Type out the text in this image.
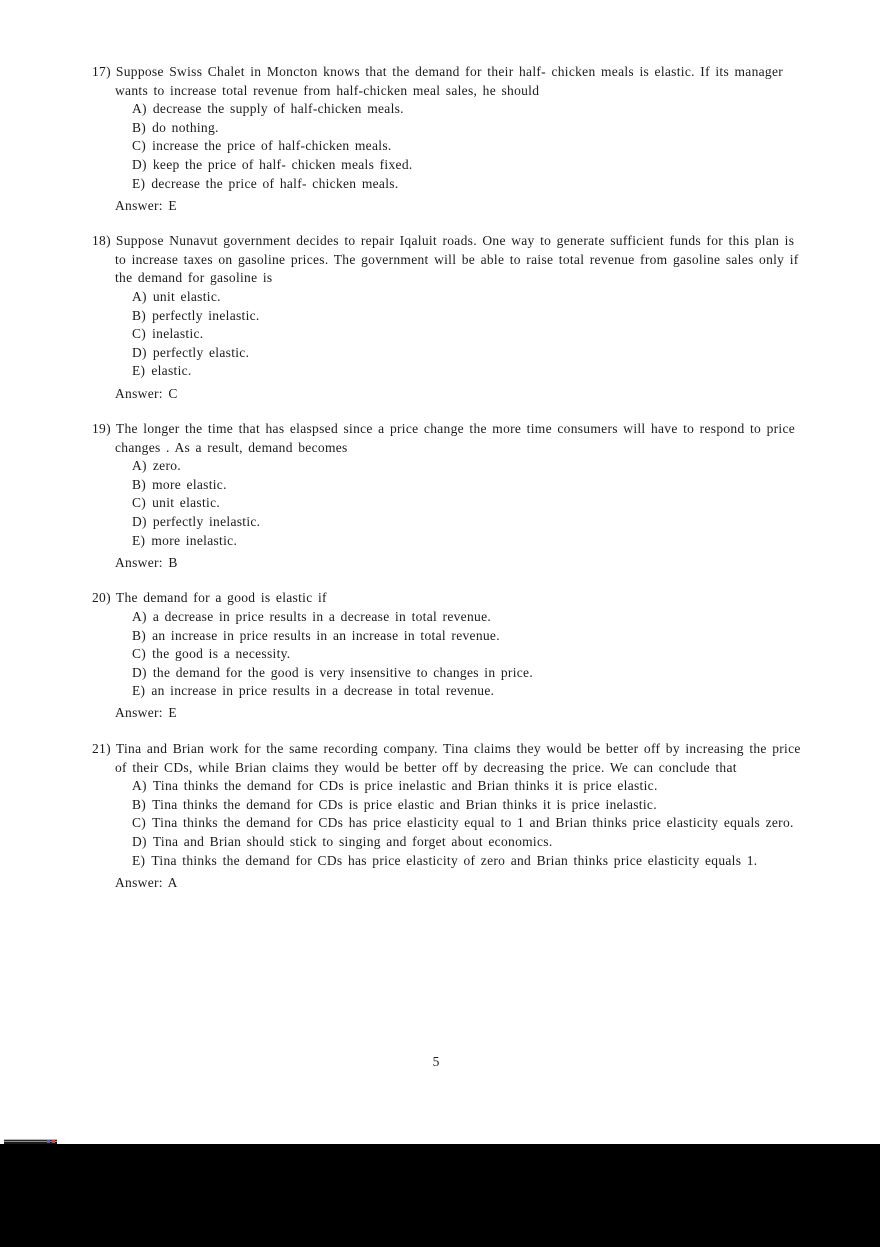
17) Suppose Swiss Chalet in Moncton knows that the demand for their half- chicken meals is elastic. If its manager wants to increase total revenue from half-chicken meal sales, he should
A) decrease the supply of half-chicken meals.
B) do nothing.
C) increase the price of half-chicken meals.
D) keep the price of half- chicken meals fixed.
E) decrease the price of half- chicken meals.
Answer: E
18) Suppose Nunavut government decides to repair Iqaluit roads. One way to generate sufficient funds for this plan is to increase taxes on gasoline prices. The government will be able to raise total revenue from gasoline sales only if the demand for gasoline is
A) unit elastic.
B) perfectly inelastic.
C) inelastic.
D) perfectly elastic.
E) elastic.
Answer: C
19) The longer the time that has elaspsed since a price change the more time consumers will have to respond to price changes . As a result, demand becomes
A) zero.
B) more elastic.
C) unit elastic.
D) perfectly inelastic.
E) more inelastic.
Answer: B
20) The demand for a good is elastic if
A) a decrease in price results in a decrease in total revenue.
B) an increase in price results in an increase in total revenue.
C) the good is a necessity.
D) the demand for the good is very insensitive to changes in price.
E) an increase in price results in a decrease in total revenue.
Answer: E
21) Tina and Brian work for the same recording company. Tina claims they would be better off by increasing the price of their CDs, while Brian claims they would be better off by decreasing the price. We can conclude that
A) Tina thinks the demand for CDs is price inelastic and Brian thinks it is price elastic.
B) Tina thinks the demand for CDs is price elastic and Brian thinks it is price inelastic.
C) Tina thinks the demand for CDs has price elasticity equal to 1 and Brian thinks price elasticity equals zero.
D) Tina and Brian should stick to singing and forget about economics.
E) Tina thinks the demand for CDs has price elasticity of zero and Brian thinks price elasticity equals 1.
Answer: A
5
